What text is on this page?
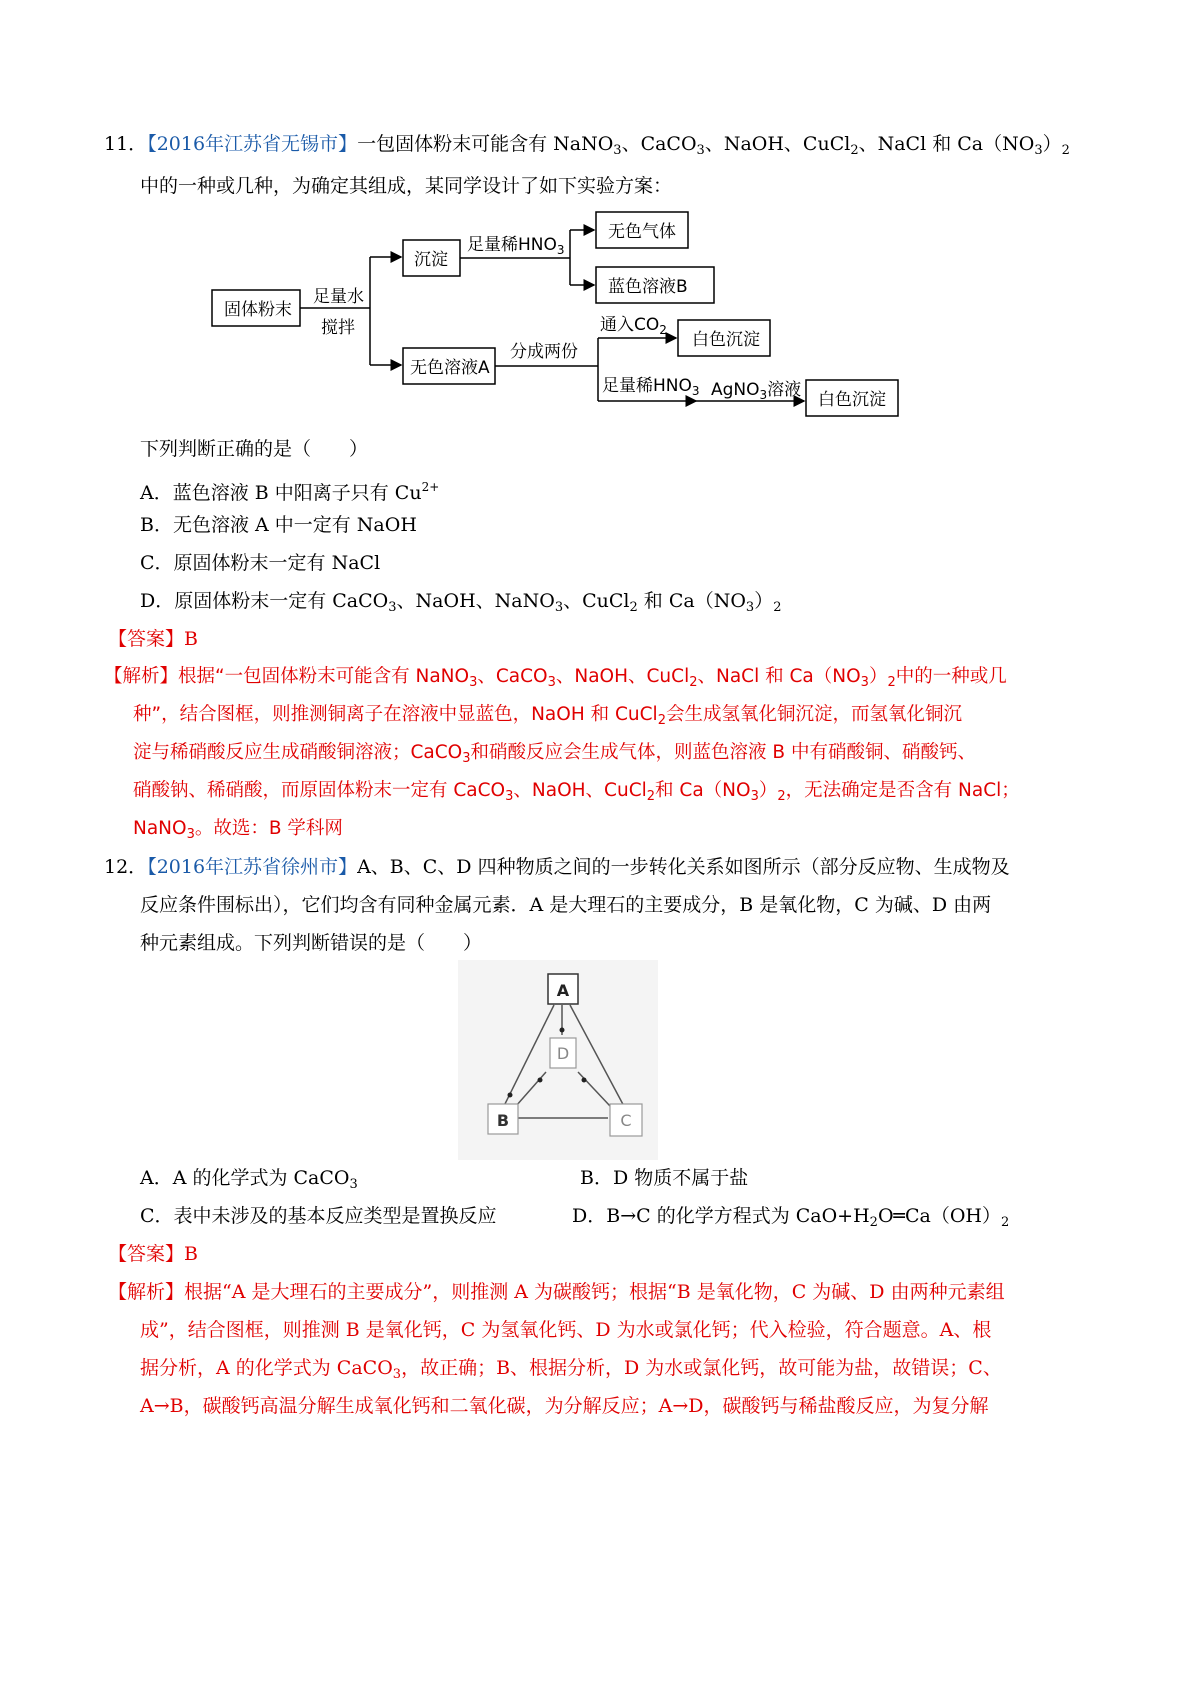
11．【2016年江苏省无锡市】一包固体粉末可能含有 NaNO$_3$、CaCO$_3$、NaOH、CuCl$_2$、NaCl 和 $Ca(NO_3)_2$
中的一种或几种，为确定其组成，某同学设计了如下实验方案：
固体粉末
足量水
搅拌
沉淀
足量稀$HNO_3$
无色气体
蓝色溶液B
无色溶液A
分成两份
通入$CO_2$ 白色沉淀
足量稀$HNO_3$ AgNO$_3$溶液 白色沉淀
下列判断正确的是（　　）
A．蓝色溶液 B 中阳离子只有 $Cu^{2+}$
B．无色溶液 A 中一定有 NaOH
C．原固体粉末一定有 NaCl
D．原固体粉末一定有 CaCO$_3$、NaOH、NaNO$_3$、CuCl$_2$ 和 $Ca(NO_3)_2$
【答案】B
【解析】根据“一包固体粉末可能含有 NaNO$_3$、CaCO$_3$、NaOH、CuCl$_2$、NaCl 和 $Ca(NO_3)_2$中的一种或几
种”，结合图框，则推测铜离子在溶液中显蓝色，NaOH 和 CuCl$_2$会生成氢氧化铜沉淀，而氢氧化铜沉
淀与稀硝酸反应生成硝酸铜溶液；CaCO$_3$和硝酸反应会生成气体，则蓝色溶液 B 中有硝酸铜、硝酸钙、
硝酸钠、稀硝酸，而原固体粉末一定有 CaCO$_3$、NaOH、CuCl$_2$和 $Ca(NO_3)_2$，无法确定是否含有 NaCl；
NaNO$_3$。故选：B 学科网
12．【2016年江苏省徐州市】A、B、C、D 四种物质之间的一步转化关系如图所示（部分反应物、生成物及
反应条件围标出），它们均含有同种金属元素．A 是大理石的主要成分，B 是氧化物，C 为碱、D 由两
种元素组成。下列判断错误的是（　　）
A
D
B	C
A．A 的化学式为 CaCO$_3$	B．D 物质不属于盐
C．表中未涉及的基本反应类型是置换反应	D．B→C 的化学方程式为 $CaO+H_2O═Ca(OH)_2$
【答案】B
【解析】根据“A 是大理石的主要成分”，则推测 A 为碳酸钙；根据“B 是氧化物，C 为碱、D 由两种元素组
成”，结合图框，则推测 B 是氧化钙，C 为氢氧化钙、D 为水或氯化钙；代入检验，符合题意。A、根
据分析，A 的化学式为 CaCO$_3$，故正确；B、根据分析，D 为水或氯化钙，故可能为盐，故错误；C、
A→B，碳酸钙高温分解生成氧化钙和二氧化碳，为分解反应；A→D，碳酸钙与稀盐酸反应，为复分解
